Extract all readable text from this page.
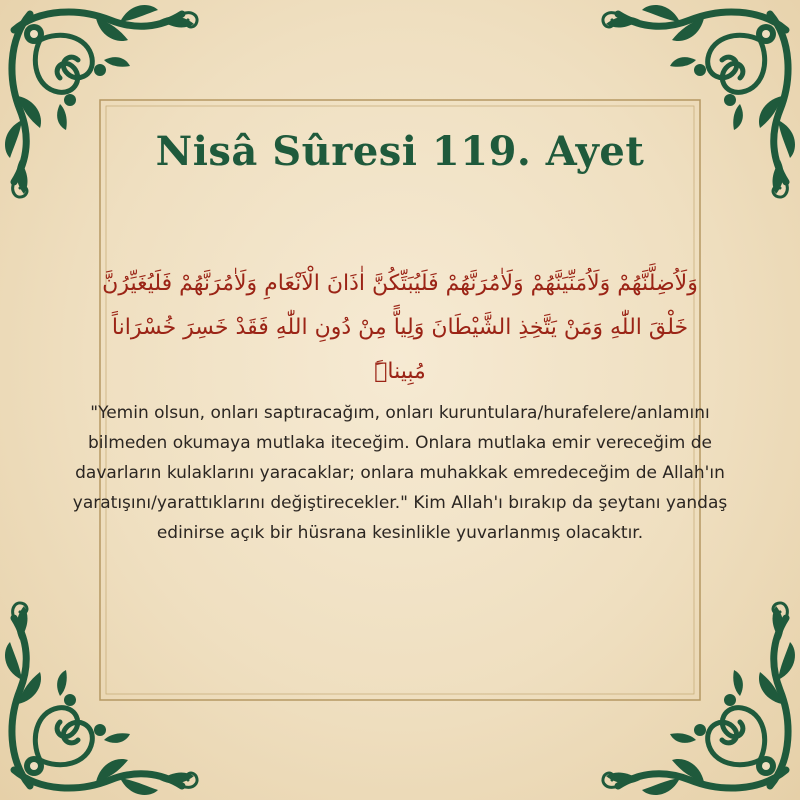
Nisâ Sûresi 119. Ayet
وَلَاُضِلَّنَّهُمْ وَلَاُمَنِّيَنَّهُمْ وَلَاٰمُرَنَّهُمْ فَلَيُبَتِّكُنَّ اٰذَانَ الْاَنْعَامِ وَلَاٰمُرَنَّهُمْ فَلَيُغَيِّرُنَّ خَلْقَ اللّٰهِ وَمَنْ يَتَّخِذِ الشَّيْطَانَ وَلِياًّ مِنْ دُونِ اللّٰهِ فَقَدْ خَسِرَ خُسْرَاناً مُبِيناًۜ
"Yemin olsun, onları saptıracağım, onları kuruntulara/hurafelere/anlamını bilmeden okumaya mutlaka iteceğim. Onlara mutlaka emir vereceğim de davarların kulaklarını yaracaklar; onlara muhakkak emredeceğim de Allah'ın yaratışını/yarattıklarını değiştirecekler." Kim Allah'ı bırakıp da şeytanı yandaş edinirse açık bir hüsrana kesinlikle yuvarlanmış olacaktır.
